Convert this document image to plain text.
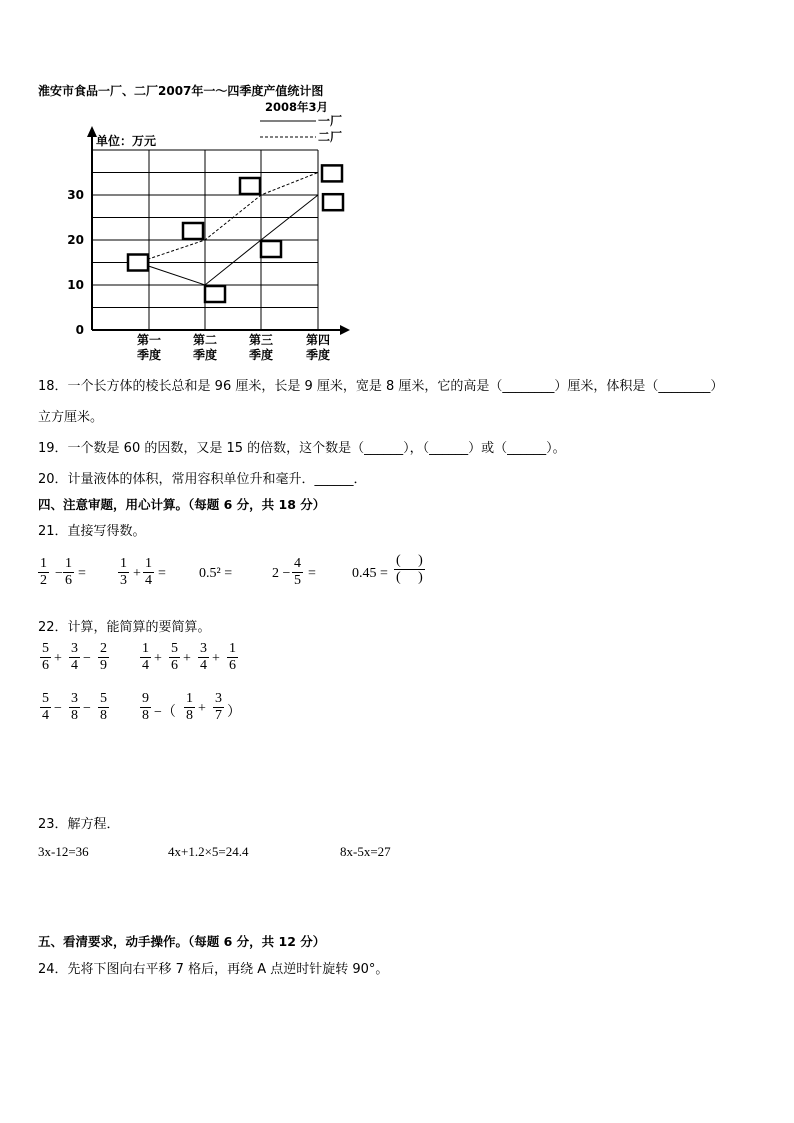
淮安市食品一厂、二厂2007年一～四季度产值统计图
2008年3月
一厂
二厂
单位：万元
0
10
20
30
第一
季度
第二
季度
第三
季度
第四
季度
18．一个长方体的棱长总和是 96 厘米，长是 9 厘米，宽是 8 厘米，它的高是（________）厘米，体积是（________）
立方厘米。
19．一个数是 60 的因数，又是 15 的倍数，这个数是（______），（______）或（______）。
20．计量液体的体积，常用容积单位升和毫升．______．
四、注意审题，用心计算。（每题 6 分，共 18 分）
21．直接写得数。
$\frac{1}{2} - \frac{1}{6} = \frac{1}{3} + \frac{1}{4} = 0.5^2$ =	$2 - \frac{4}{5}$ =	0.45 =
(     )
(     )
22．计算，能简算的要简算。
$\frac{5}{6} + \frac{3}{4} - \frac{2}{9} \frac{1}{4} + \frac{5}{6} + \frac{3}{4} + \frac{1}{6}$
$\frac{5}{4} - \frac{3}{8} - \frac{5}{8} \frac{9}{8}$ −（ $\frac{1}{8} + \frac{3}{7}$ ）
23．解方程．
3x-12=36	4x+1.2×5=24.4	8x-5x=27
五、看清要求，动手操作。（每题 6 分，共 12 分）
24．先将下图向右平移 7 格后，再绕 A 点逆时针旋转 90°。
